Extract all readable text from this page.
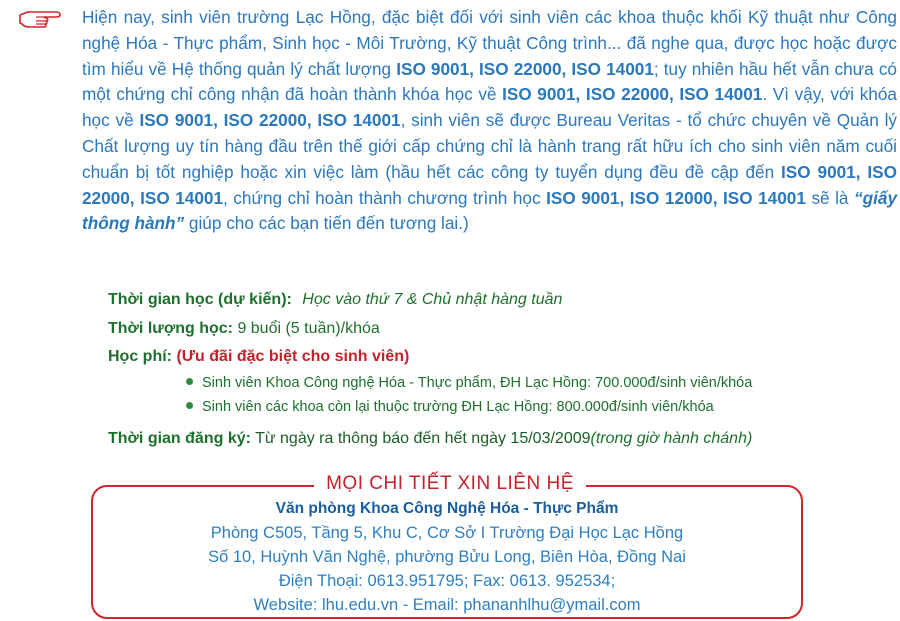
Hiện nay, sinh viên trường Lạc Hồng, đặc biệt đối với sinh viên các khoa thuộc khối Kỹ thuật như Công nghệ Hóa - Thực phẩm, Sinh học - Môi Trường, Kỹ thuật Công trình... đã nghe qua, được học hoặc được tìm hiểu về Hệ thống quản lý chất lượng ISO 9001, ISO 22000, ISO 14001; tuy nhiên hầu hết vẫn chưa có một chứng chỉ công nhận đã hoàn thành khóa học về ISO 9001, ISO 22000, ISO 14001. Vì vậy, với khóa học về ISO 9001, ISO 22000, ISO 14001, sinh viên sẽ được Bureau Veritas - tổ chức chuyên về Quản lý Chất lượng uy tín hàng đầu trên thế giới cấp chứng chỉ là hành trang rất hữu ích cho sinh viên năm cuối chuẩn bị tốt nghiệp hoặc xin việc làm (hầu hết các công ty tuyển dụng đều đề cập đến ISO 9001, ISO 22000, ISO 14001, chứng chỉ hoàn thành chương trình học ISO 9001, ISO 12000, ISO 14001 sẽ là “giấy thông hành” giúp cho các bạn tiến đến tương lai.)
Thời gian học (dự kiến): Học vào thứ 7 & Chủ nhật hàng tuần
Thời lượng học: 9 buổi (5 tuần)/khóa
Học phí: (Ưu đãi đặc biệt cho sinh viên)
Sinh viên Khoa Công nghệ Hóa - Thực phẩm, ĐH Lạc Hồng: 700.000đ/sinh viên/khóa
Sinh viên các khoa còn lại thuộc trường ĐH Lạc Hồng: 800.000đ/sinh viên/khóa
Thời gian đăng ký: Từ ngày ra thông báo đến hết ngày 15/03/2009(trong giờ hành chánh)
MỌI CHI TIẾT XIN LIÊN HỆ
Văn phòng Khoa Công Nghệ Hóa - Thực Phẩm
Phòng C505, Tầng 5, Khu C, Cơ Sở I Trường Đại Học Lạc Hồng
Số 10, Huỳnh Văn Nghệ, phường Bửu Long, Biên Hòa, Đồng Nai
Điện Thoại: 0613.951795; Fax: 0613. 952534;
Website: lhu.edu.vn - Email: phananhlhu@ymail.com
